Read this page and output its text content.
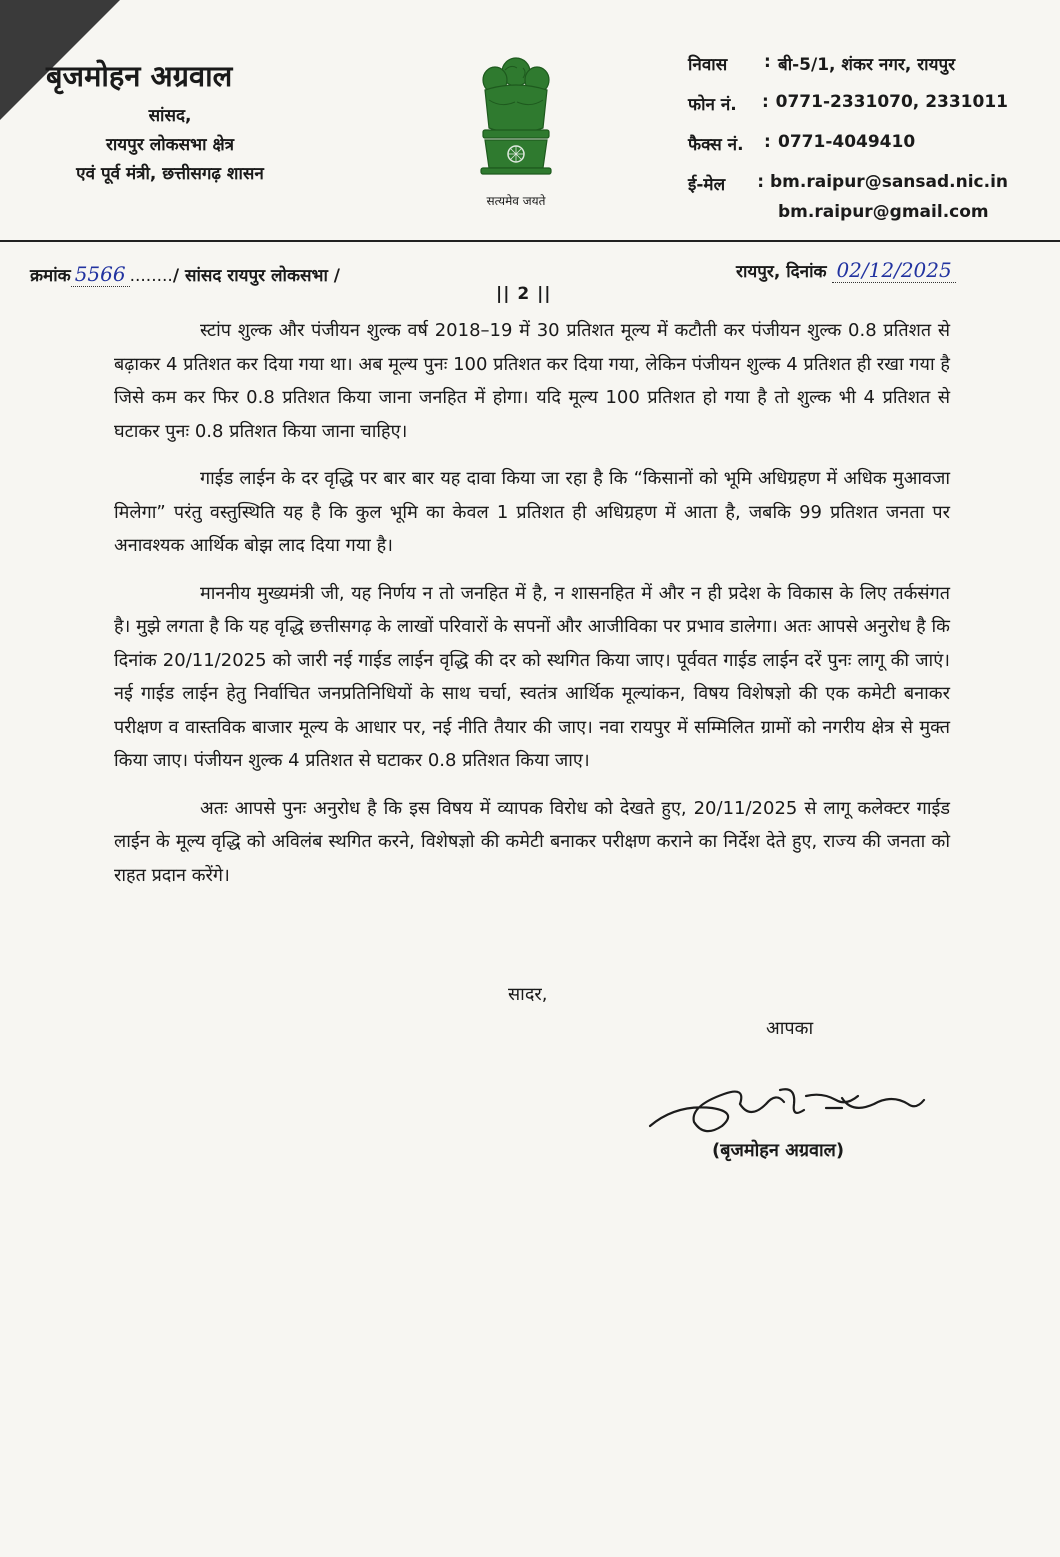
बृजमोहन अग्रवाल
सांसद,
रायपुर लोकसभा क्षेत्र
एवं पूर्व मंत्री, छत्तीसगढ़ शासन
सत्यमेव जयते
निवास	: बी-5/1, शंकर नगर, रायपुर
फोन नं.	: 0771-2331070, 2331011
फैक्स नं.	: 0771-4049410
ई-मेल	: bm.raipur@sansad.nic.in
bm.raipur@gmail.com
क्रमांक 5566 ......../ सांसद रायपुर लोकसभा /	रायपुर, दिनांक 02/12/2025
|| 2 ||

स्टांप शुल्क और पंजीयन शुल्क वर्ष 2018–19 में 30 प्रतिशत मूल्य में कटौती कर पंजीयन शुल्क 0.8 प्रतिशत से बढ़ाकर 4 प्रतिशत कर दिया गया था। अब मूल्य पुनः 100 प्रतिशत कर दिया गया, लेकिन पंजीयन शुल्क 4 प्रतिशत ही रखा गया है जिसे कम कर फिर 0.8 प्रतिशत किया जाना जनहित में होगा। यदि मूल्य 100 प्रतिशत हो गया है तो शुल्क भी 4 प्रतिशत से घटाकर पुनः 0.8 प्रतिशत किया जाना चाहिए।

गाईड लाईन के दर वृद्धि पर बार बार यह दावा किया जा रहा है कि “किसानों को भूमि अधिग्रहण में अधिक मुआवजा मिलेगा” परंतु वस्तुस्थिति यह है कि कुल भूमि का केवल 1 प्रतिशत ही अधिग्रहण में आता है, जबकि 99 प्रतिशत जनता पर अनावश्यक आर्थिक बोझ लाद दिया गया है।

माननीय मुख्यमंत्री जी, यह निर्णय न तो जनहित में है, न शासनहित में और न ही प्रदेश के विकास के लिए तर्कसंगत है। मुझे लगता है कि यह वृद्धि छत्तीसगढ़ के लाखों परिवारों के सपनों और आजीविका पर प्रभाव डालेगा। अतः आपसे अनुरोध है कि दिनांक 20/11/2025 को जारी नई गाईड लाईन वृद्धि की दर को स्थगित किया जाए। पूर्ववत गाईड लाईन दरें पुनः लागू की जाएं। नई गाईड लाईन हेतु निर्वाचित जनप्रतिनिधियों के साथ चर्चा, स्वतंत्र आर्थिक मूल्यांकन, विषय विशेषज्ञो की एक कमेटी बनाकर परीक्षण व वास्तविक बाजार मूल्य के आधार पर, नई नीति तैयार की जाए। नवा रायपुर में सम्मिलित ग्रामों को नगरीय क्षेत्र से मुक्त किया जाए। पंजीयन शुल्क 4 प्रतिशत से घटाकर 0.8 प्रतिशत किया जाए।

अतः आपसे पुनः अनुरोध है कि इस विषय में व्यापक विरोध को देखते हुए, 20/11/2025 से लागू कलेक्टर गाईड लाईन के मूल्य वृद्धि को अविलंब स्थगित करने, विशेषज्ञो की कमेटी बनाकर परीक्षण कराने का निर्देश देते हुए, राज्य की जनता को राहत प्रदान करेंगे।

सादर,
आपका
(बृजमोहन अग्रवाल)
